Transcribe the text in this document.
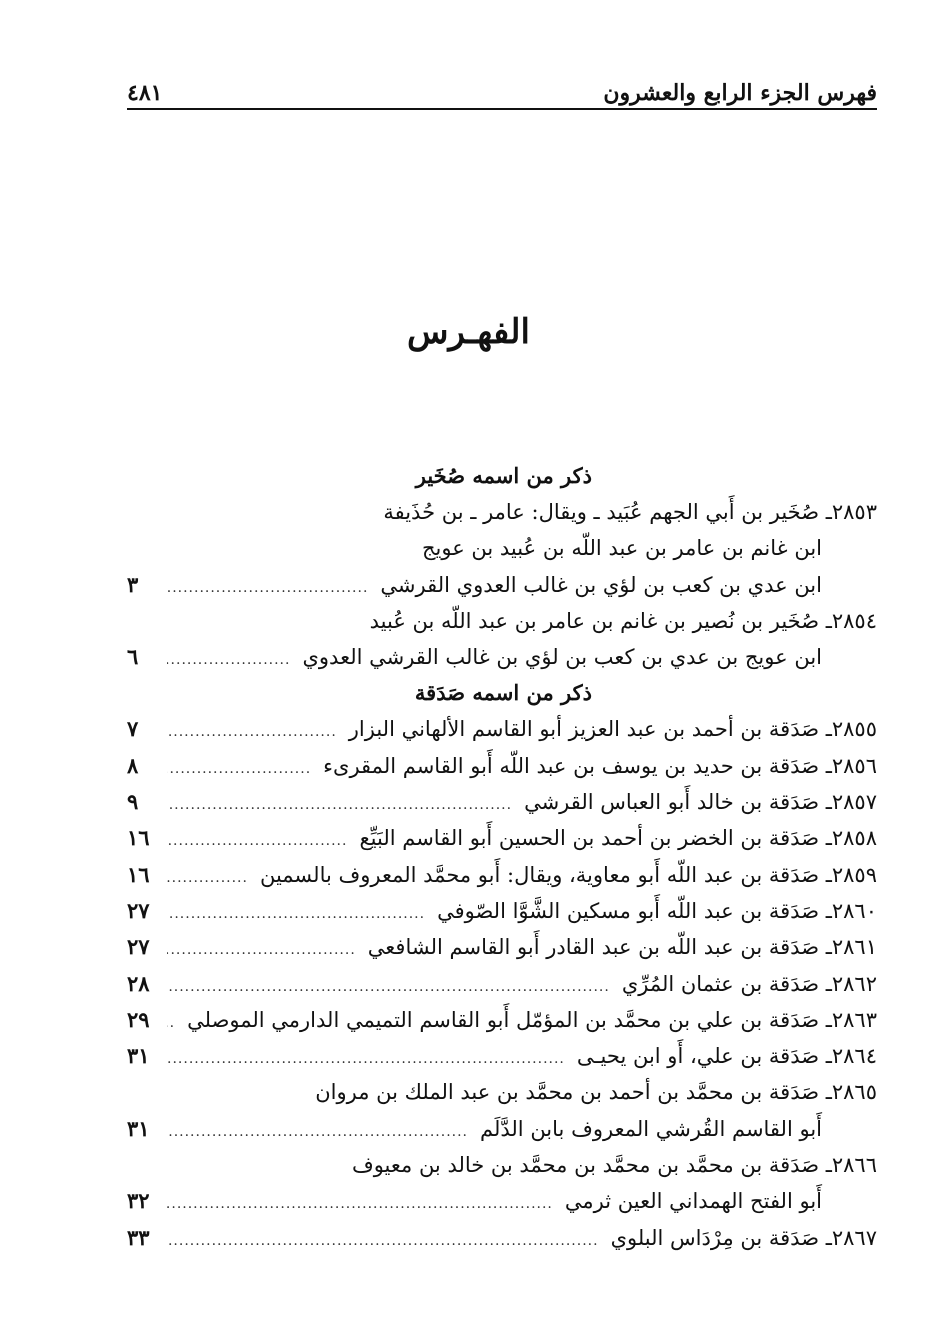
فهرس الجزء الرابع والعشرون
٤٨١
الفهـرس
ذكر من اسمه صُخَير
٢٨٥٣
ـ صُخَير بن أَبي الجهم عُبَيد ـ ويقال: عامر ـ بن حُذَيفة
ابن غانم بن عامر بن عبد اللّه بن عُبيد بن عويج
ابن عدي بن كعب بن لؤي بن غالب العدوي القرشي
.....
٣
٢٨٥٤
ـ صُخَير بن نُصير بن غانم بن عامر بن عبد اللّه بن عُبيد
ابن عويج بن عدي بن كعب بن لؤي بن غالب القرشي العدوي
.....
٦
ذكر من اسمه صَدَقة
٢٨٥٥
ـ صَدَقة بن أحمد بن عبد العزيز أبو القاسم الألهاني البزار
.....
٧
٢٨٥٦
ـ صَدَقة بن حديد بن يوسف بن عبد اللّه أَبو القاسم المقرىء
.....
٨
٢٨٥٧
ـ صَدَقة بن خالد أَبو العباس القرشي
.....
٩
٢٨٥٨
ـ صَدَقة بن الخضر بن أحمد بن الحسين أَبو القاسم البَيِّع
.....
١٦
٢٨٥٩
ـ صَدَقة بن عبد اللّه أَبو معاوية، ويقال: أَبو محمَّد المعروف بالسمين
.....
١٦
٢٨٦٠
ـ صَدَقة بن عبد اللّه أَبو مسكين الشَّوَّا الصّوفي
.....
٢٧
٢٨٦١
ـ صَدَقة بن عبد اللّه بن عبد القادر أَبو القاسم الشافعي
.....
٢٧
٢٨٦٢
ـ صَدَقة بن عثمان المُرِّي
.....
٢٨
٢٨٦٣
ـ صَدَقة بن علي بن محمَّد بن المؤمّل أَبو القاسم التميمي الدارمي الموصلي
.....
٢٩
٢٨٦٤
ـ صَدَقة بن علي، أَو ابن يحيـى
.....
٣١
٢٨٦٥
ـ صَدَقة بن محمَّد بن أحمد بن محمَّد بن عبد الملك بن مروان
أَبو القاسم القُرشي المعروف بابن الدَّلَم
.....
٣١
٢٨٦٦
ـ صَدَقة بن محمَّد بن محمَّد بن محمَّد بن خالد بن معيوف
أَبو الفتح الهمداني العين ثرمي
.....
٣٢
٢٨٦٧
ـ صَدَقة بن مِرْدَاس البلوي
.....
٣٣
